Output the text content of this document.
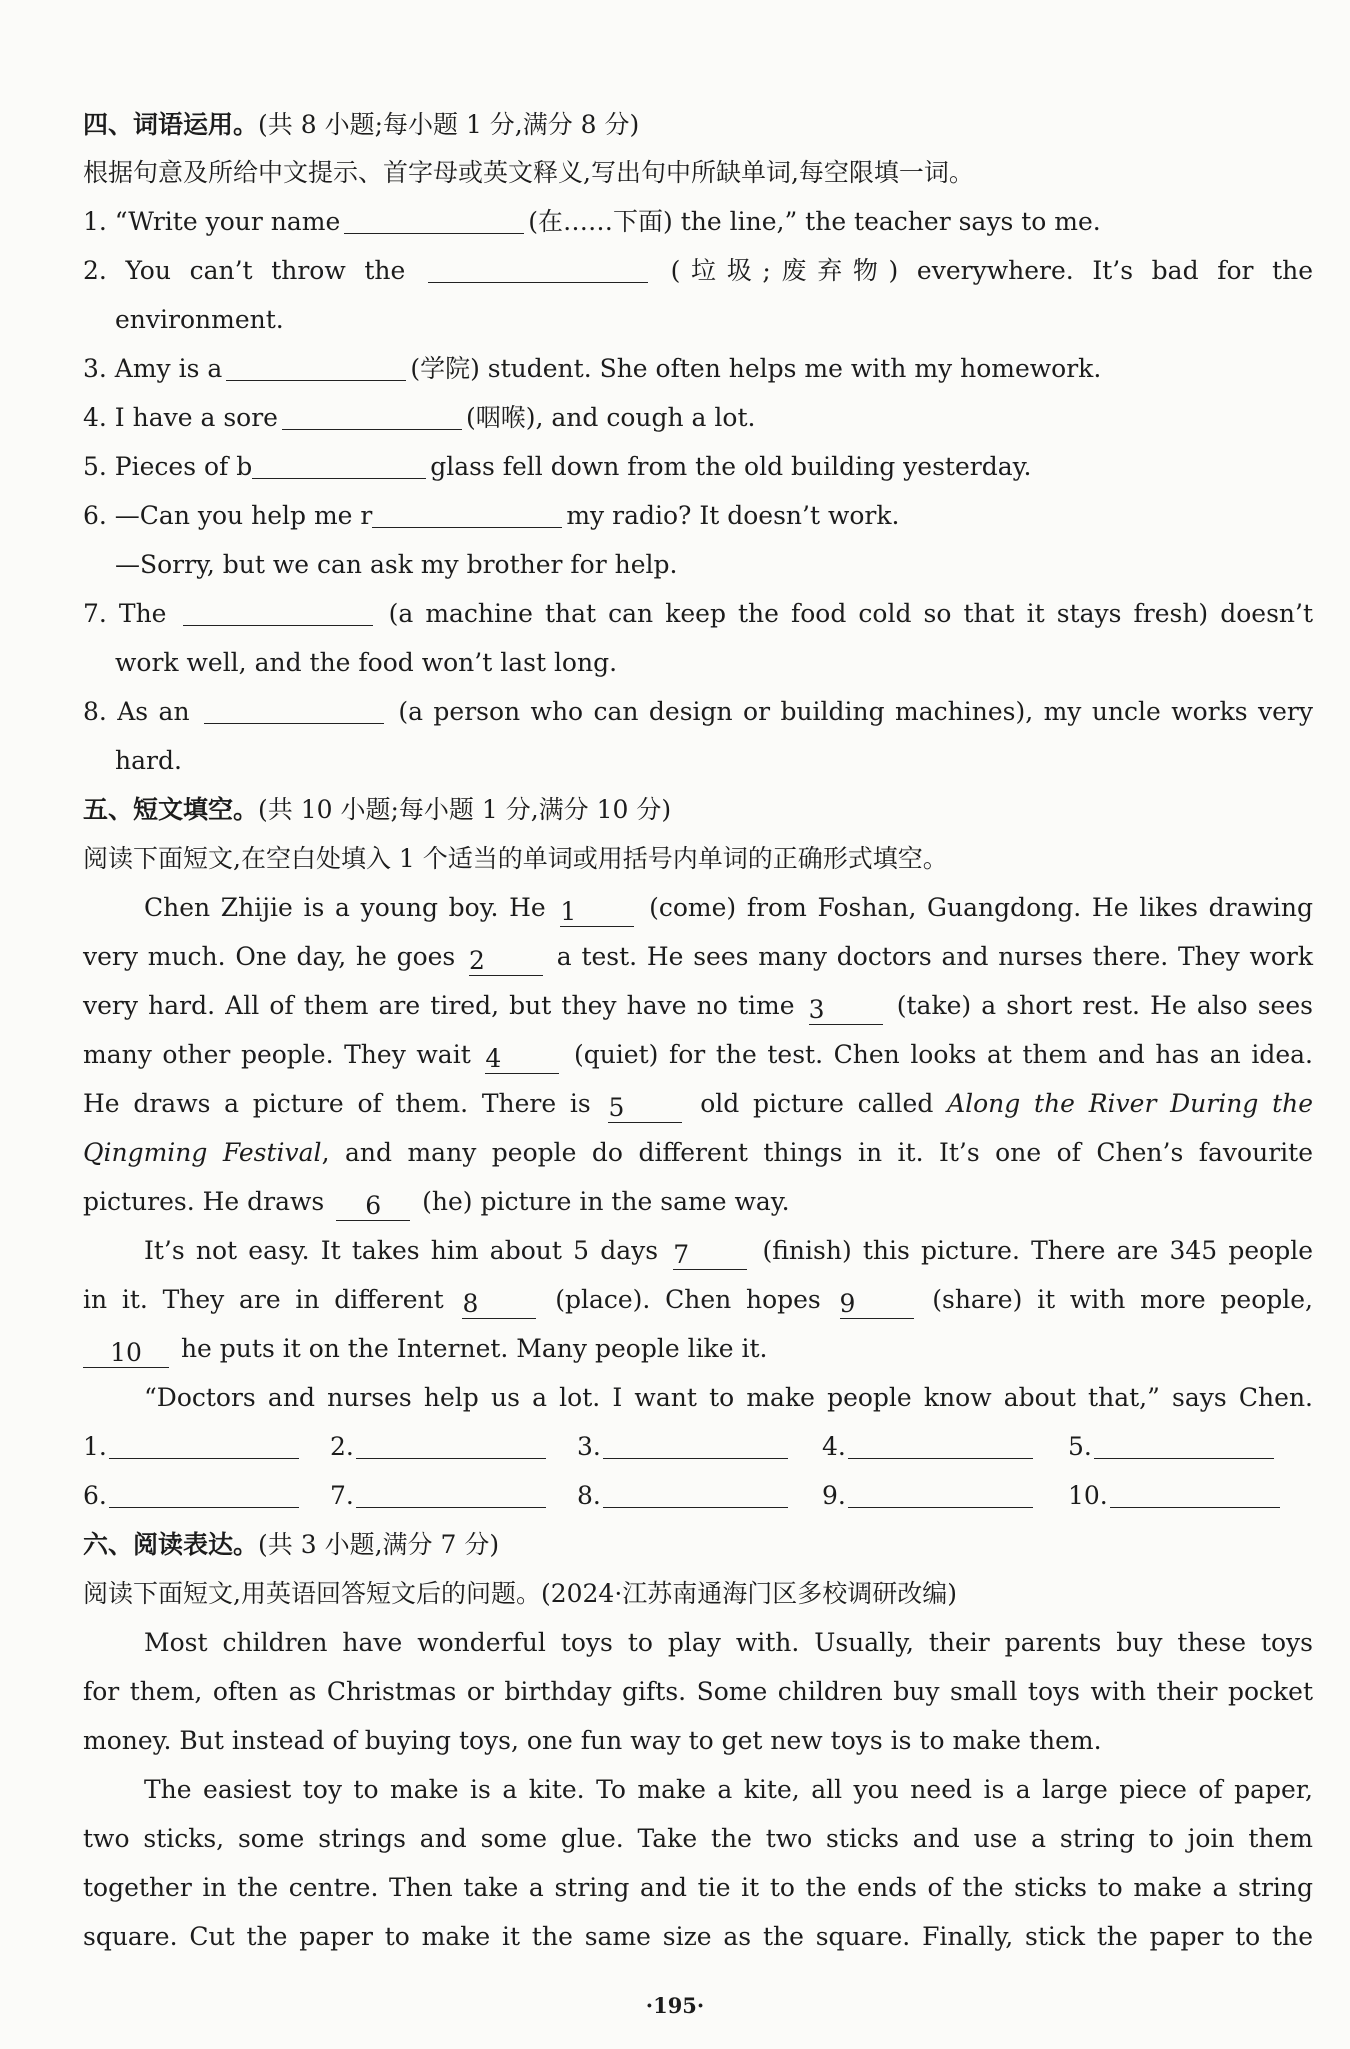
四、词语运用。(共 8 小题;每小题 1 分,满分 8 分)
根据句意及所给中文提示、首字母或英文释义,写出句中所缺单词,每空限填一词。
1. “Write your name	(在……下面) the line,” the teacher says to me.
2. You can’t throw the	(垃圾;废弃物) everywhere. It’s bad for the
environment.
3. Amy is a	(学院) student. She often helps me with my homework.
4. I have a sore	(咽喉), and cough a lot.
5. Pieces of b	glass fell down from the old building yesterday.
6. —Can you help me r	my radio? It doesn’t work.
—Sorry, but we can ask my brother for help.
7. The	(a machine that can keep the food cold so that it stays fresh) doesn’t
work well, and the food won’t last long.
8. As an	(a person who can design or building machines), my uncle works very
hard.
五、短文填空。(共 10 小题;每小题 1 分,满分 10 分)
阅读下面短文,在空白处填入 1 个适当的单词或用括号内单词的正确形式填空。
Chen Zhijie is a young boy. He 1	(come) from Foshan, Guangdong. He likes drawing
very much. One day, he goes 2	a test. He sees many doctors and nurses there. They work
very hard. All of them are tired, but they have no time 3	(take) a short rest. He also sees
many other people. They wait 4	(quiet) for the test. Chen looks at them and has an idea.
He draws a picture of them. There is 5	old picture called Along the River During the
Qingming Festival, and many people do different things in it. It’s one of Chen’s favourite
pictures. He draws 6 (he) picture in the same way.
It’s not easy. It takes him about 5 days 7	(finish) this picture. There are 345 people
in it. They are in different 8	(place). Chen hopes 9	(share) it with more people,
10 he puts it on the Internet. Many people like it.
“Doctors and nurses help us a lot. I want to make people know about that,” says Chen.
1.	2.	3.	4.	5.
6.	7.	8.	9.	10.
六、阅读表达。(共 3 小题,满分 7 分)
阅读下面短文,用英语回答短文后的问题。(2024·江苏南通海门区多校调研改编)
Most children have wonderful toys to play with. Usually, their parents buy these toys
for them, often as Christmas or birthday gifts. Some children buy small toys with their pocket
money. But instead of buying toys, one fun way to get new toys is to make them.
The easiest toy to make is a kite. To make a kite, all you need is a large piece of paper,
two sticks, some strings and some glue. Take the two sticks and use a string to join them
together in the centre. Then take a string and tie it to the ends of the sticks to make a string
square. Cut the paper to make it the same size as the square. Finally, stick the paper to the
·195·
